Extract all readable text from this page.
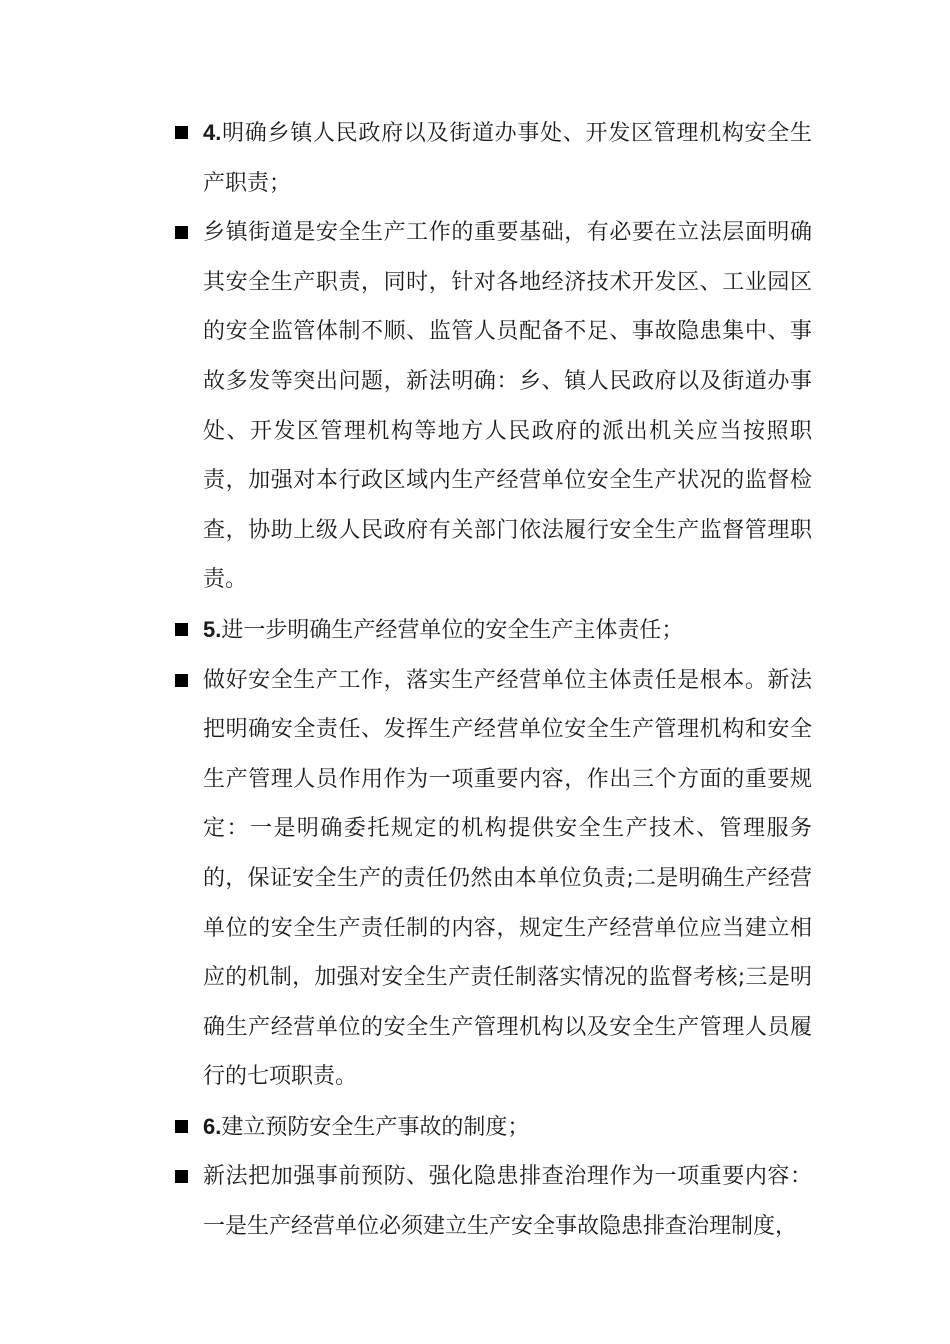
4.明确乡镇人民政府以及街道办事处、开发区管理机构安全生产职责；
乡镇街道是安全生产工作的重要基础，有必要在立法层面明确其安全生产职责，同时，针对各地经济技术开发区、工业园区的安全监管体制不顺、监管人员配备不足、事故隐患集中、事故多发等突出问题，新法明确：乡、镇人民政府以及街道办事处、开发区管理机构等地方人民政府的派出机关应当按照职责，加强对本行政区域内生产经营单位安全生产状况的监督检查，协助上级人民政府有关部门依法履行安全生产监督管理职责。
5.进一步明确生产经营单位的安全生产主体责任；
做好安全生产工作，落实生产经营单位主体责任是根本。新法把明确安全责任、发挥生产经营单位安全生产管理机构和安全生产管理人员作用作为一项重要内容，作出三个方面的重要规定：一是明确委托规定的机构提供安全生产技术、管理服务的，保证安全生产的责任仍然由本单位负责;二是明确生产经营单位的安全生产责任制的内容，规定生产经营单位应当建立相应的机制，加强对安全生产责任制落实情况的监督考核;三是明确生产经营单位的安全生产管理机构以及安全生产管理人员履行的七项职责。
6.建立预防安全生产事故的制度；
新法把加强事前预防、强化隐患排查治理作为一项重要内容：一是生产经营单位必须建立生产安全事故隐患排查治理制度，
